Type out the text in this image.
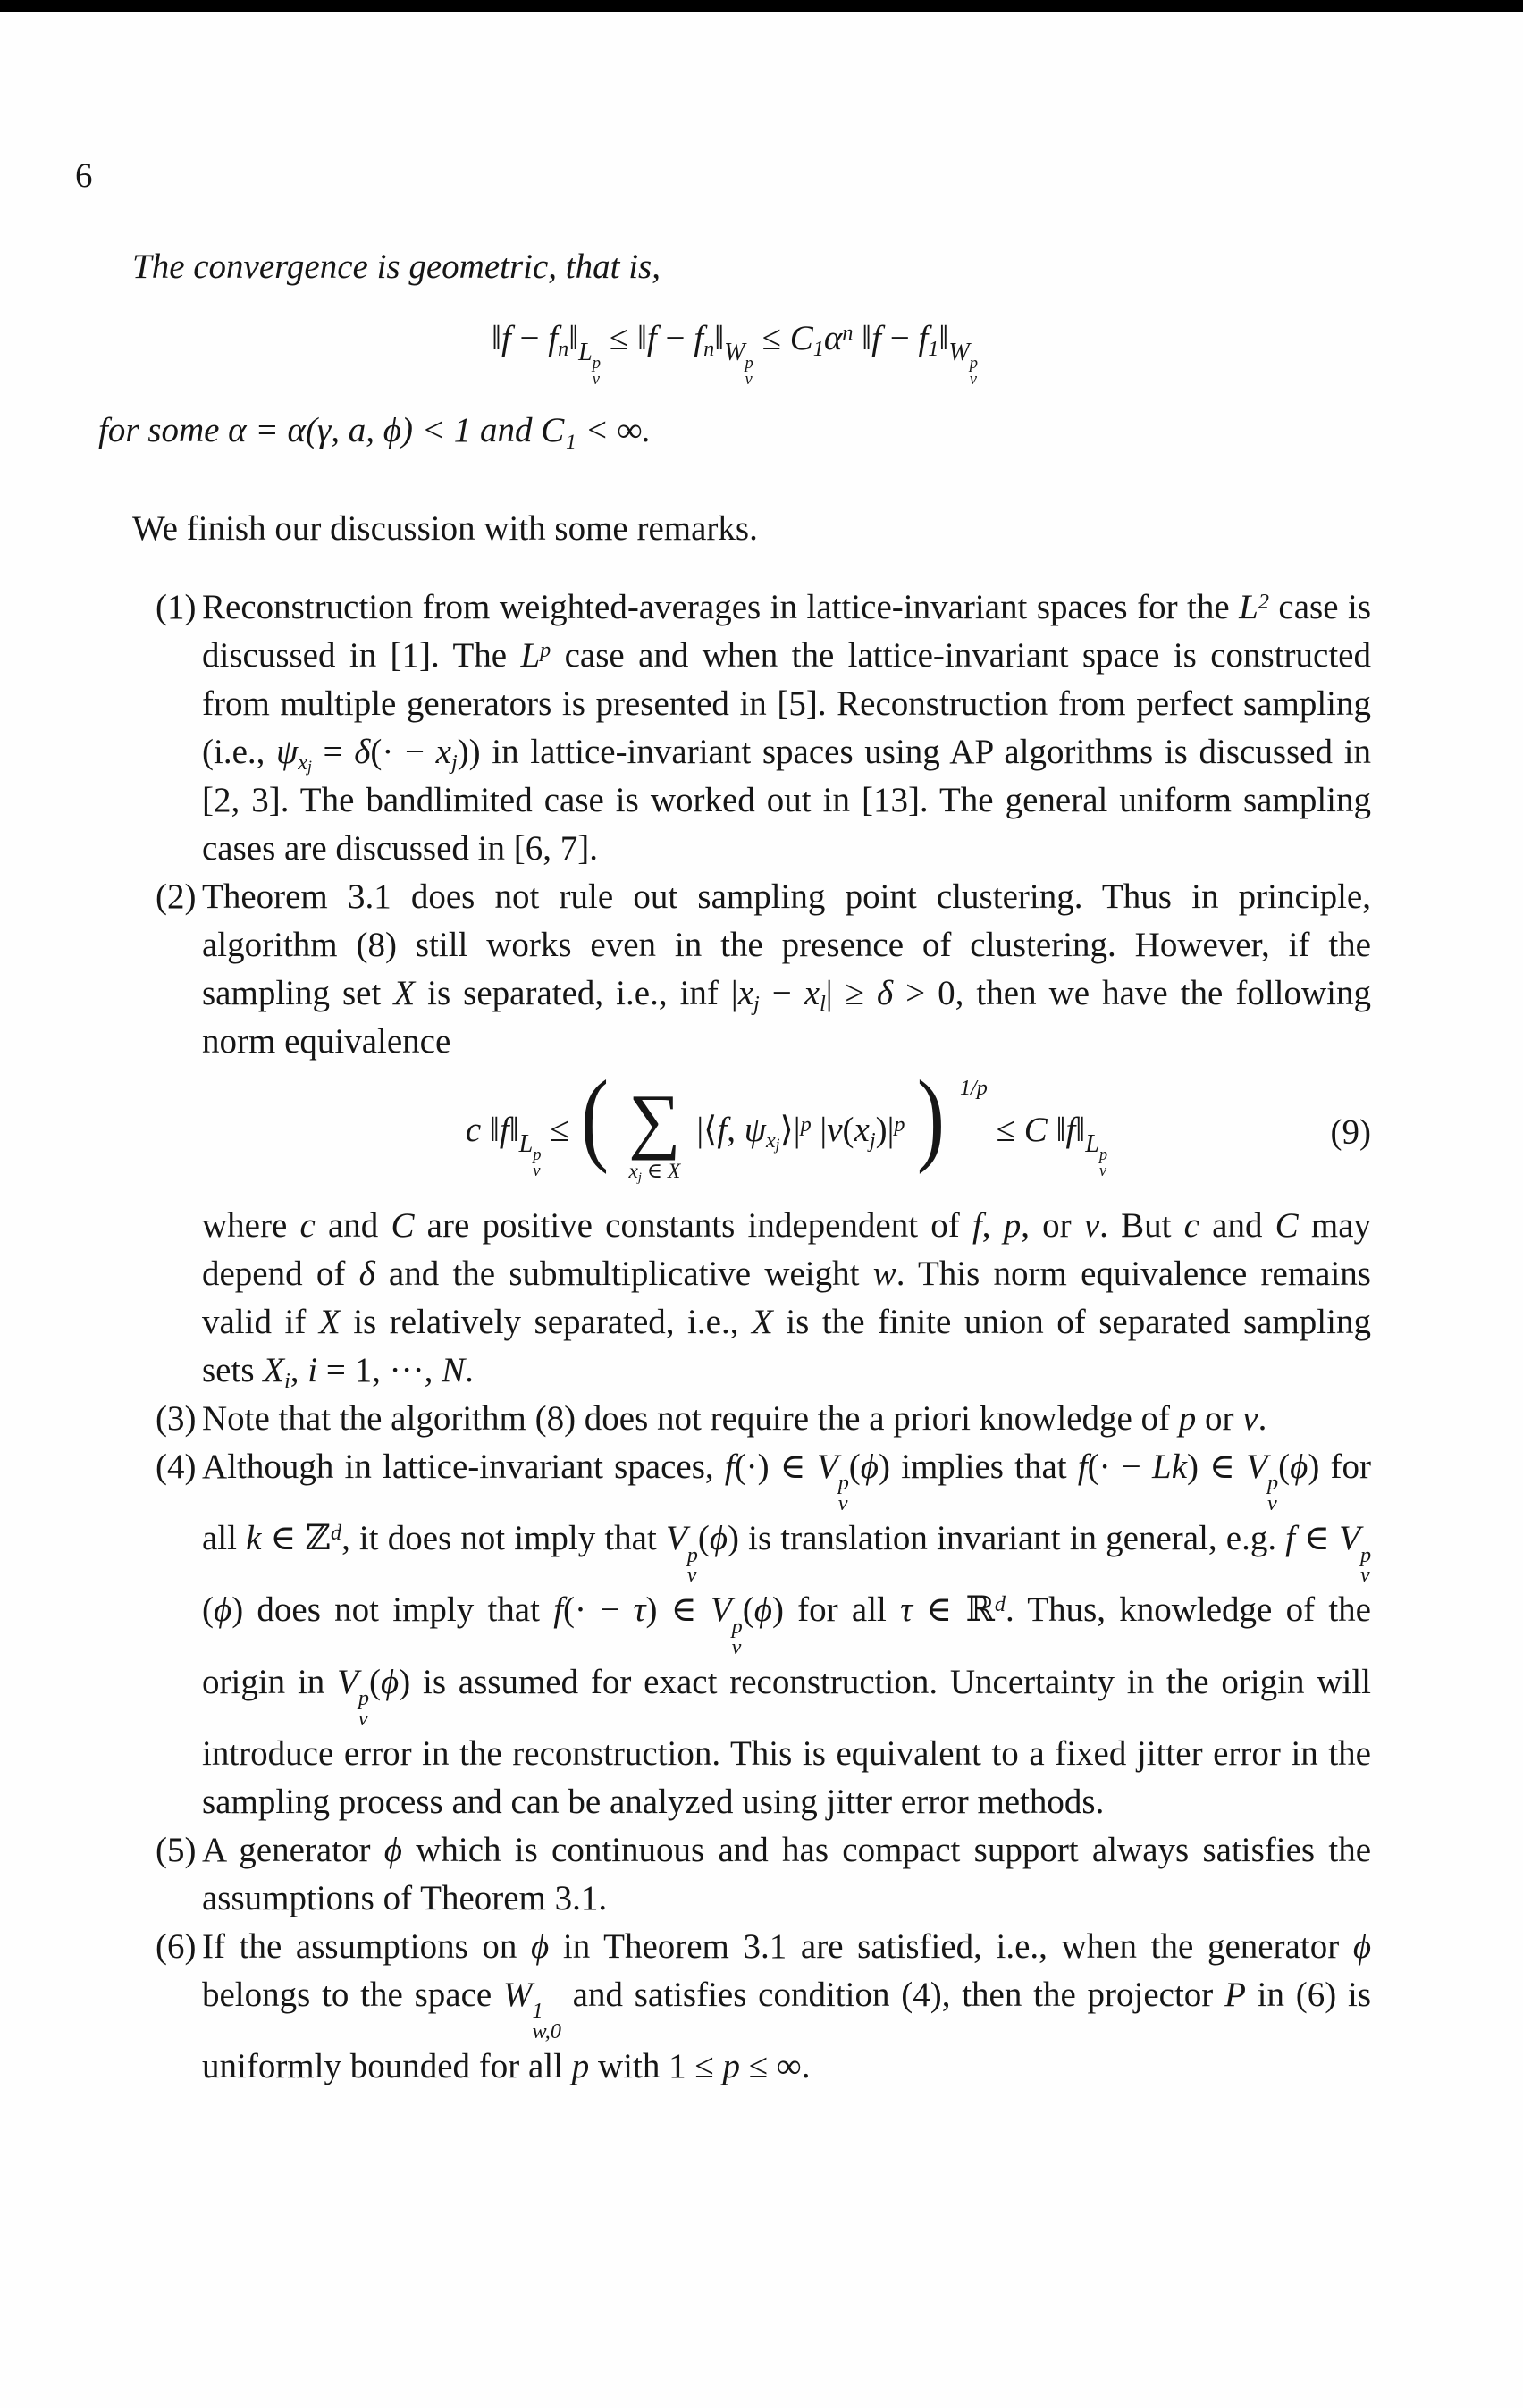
6

The convergence is geometric, that is,

‖f − $fn‖_{L p \nu}$
≤ ‖f − $fn‖_{W p \nu}$
≤ $C1\alpha^n$ ‖f − $f1‖_{W p \nu}$

for some α = α(γ, a, ϕ) < 1 and C₁ < ∞.

We finish our discussion with some remarks.

(1) Reconstruction from weighted-averages in lattice-invariant spaces for the $L^2$ case is discussed in [1]. The $L^p$ case and when the lattice-invariant space is constructed from multiple generators is presented in [5]. Reconstruction from perfect sampling (i.e., $\psi x_j = \delta(\cdot - xj)$) in lattice-invariant spaces using AP algorithms is discussed in [2, 3]. The bandlimited case is worked out in [13]. The general uniform sampling cases are discussed in [6, 7].
(2) Theorem 3.1 does not rule out sampling point clustering. Thus in principle, algorithm (8) still works even in the presence of clustering. However, if the sampling set X is separated, i.e., inf |xj − xl| ≥ δ > 0, then we have the following norm equivalence
c $‖f‖_{L p \nu}$
≤ ( ∑
xj ∈ X
|⟨f, $\psi x_j⟩|^p$ $|\nu(xj)|^p$ ) $^{1/p}$ ≤ C $‖f‖_{L p \nu}$
(9)
where c and C are positive constants independent of f, p, or ν. But c and C may depend of δ and the submultiplicative weight w. This norm equivalence remains valid if X is relatively separated, i.e., X is the finite union of separated sampling sets Xi, i = 1, ···, N.
(3) Note that the algorithm (8) does not require the a priori knowledge of p or ν.
(4) Although in lattice-invariant spaces, f(·) ∈ V p
ν
(ϕ) implies that f(· − Lk) ∈ V p
ν
(ϕ) for all k ∈ ℤ$^d$, it does not imply that V p
ν
(ϕ) is translation invariant in general, e.g. f ∈ V p
ν
(ϕ) does not imply that f(· − τ) ∈ V p
ν
(ϕ) for all τ ∈ ℝ$^d$. Thus, knowledge of the origin in V p
ν
(ϕ) is assumed for exact reconstruction. Uncertainty in the origin will introduce error in the reconstruction. This is equivalent to a fixed jitter error in the sampling process and can be analyzed using jitter error methods.
(5) A generator ϕ which is continuous and has compact support always satisfies the assumptions of Theorem 3.1.
(6) If the assumptions on ϕ in Theorem 3.1 are satisfied, i.e., when the generator ϕ belongs to the space W 1
w,0
and satisfies condition (4), then the projector P in (6) is uniformly bounded for all p with 1 ≤ p ≤ ∞.
